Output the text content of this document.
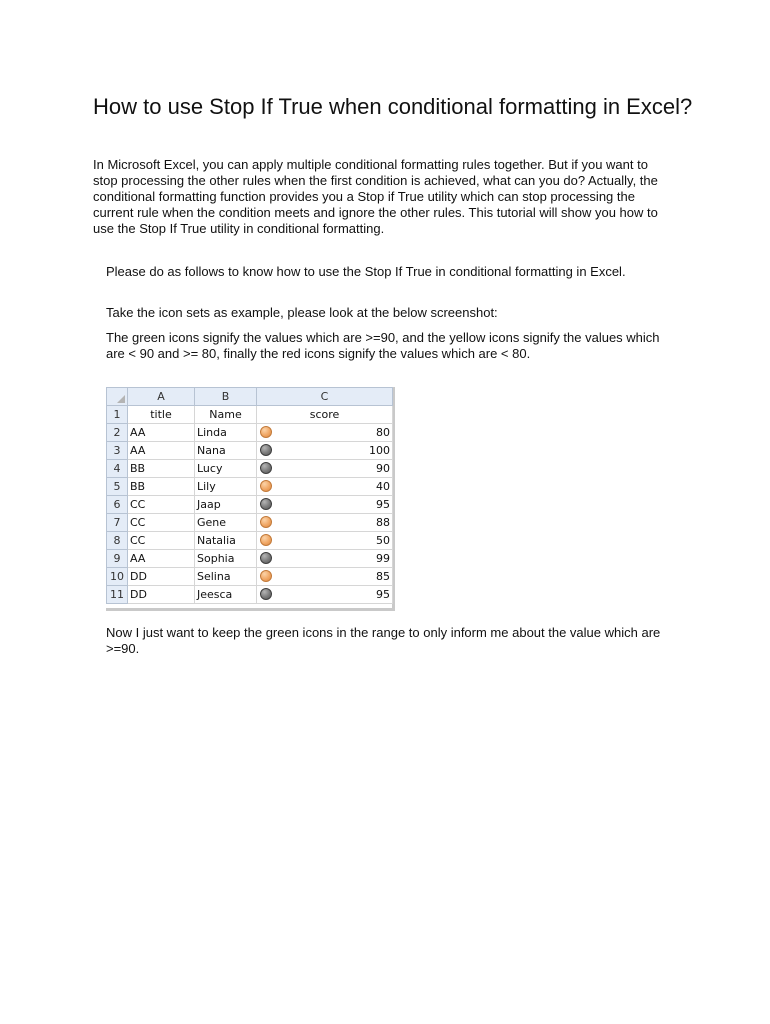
How to use Stop If True when conditional formatting in Excel?

In Microsoft Excel, you can apply multiple conditional formatting rules together. But if you want to stop processing the other rules when the first condition is achieved, what can you do? Actually, the conditional formatting function provides you a Stop if True utility which can stop processing the current rule when the condition meets and ignore the other rules. This tutorial will show you how to use the Stop If True utility in conditional formatting.

Please do as follows to know how to use the Stop If True in conditional formatting in Excel.

Take the icon sets as example, please look at the below screenshot:

The green icons signify the values which are >=90, and the yellow icons signify the values which are < 90 and >= 80, finally the red icons signify the values which are < 80.

	A	B	C
1	title	Name	score
2	AA	Linda	80
3	AA	Nana	100
4	BB	Lucy	90
5	BB	Lily	40
6	CC	Jaap	95
7	CC	Gene	88
8	CC	Natalia	50
9	AA	Sophia	99
10	DD	Selina	85
11	DD	Jeesca	95

Now I just want to keep the green icons in the range to only inform me about the value which are >=90.
